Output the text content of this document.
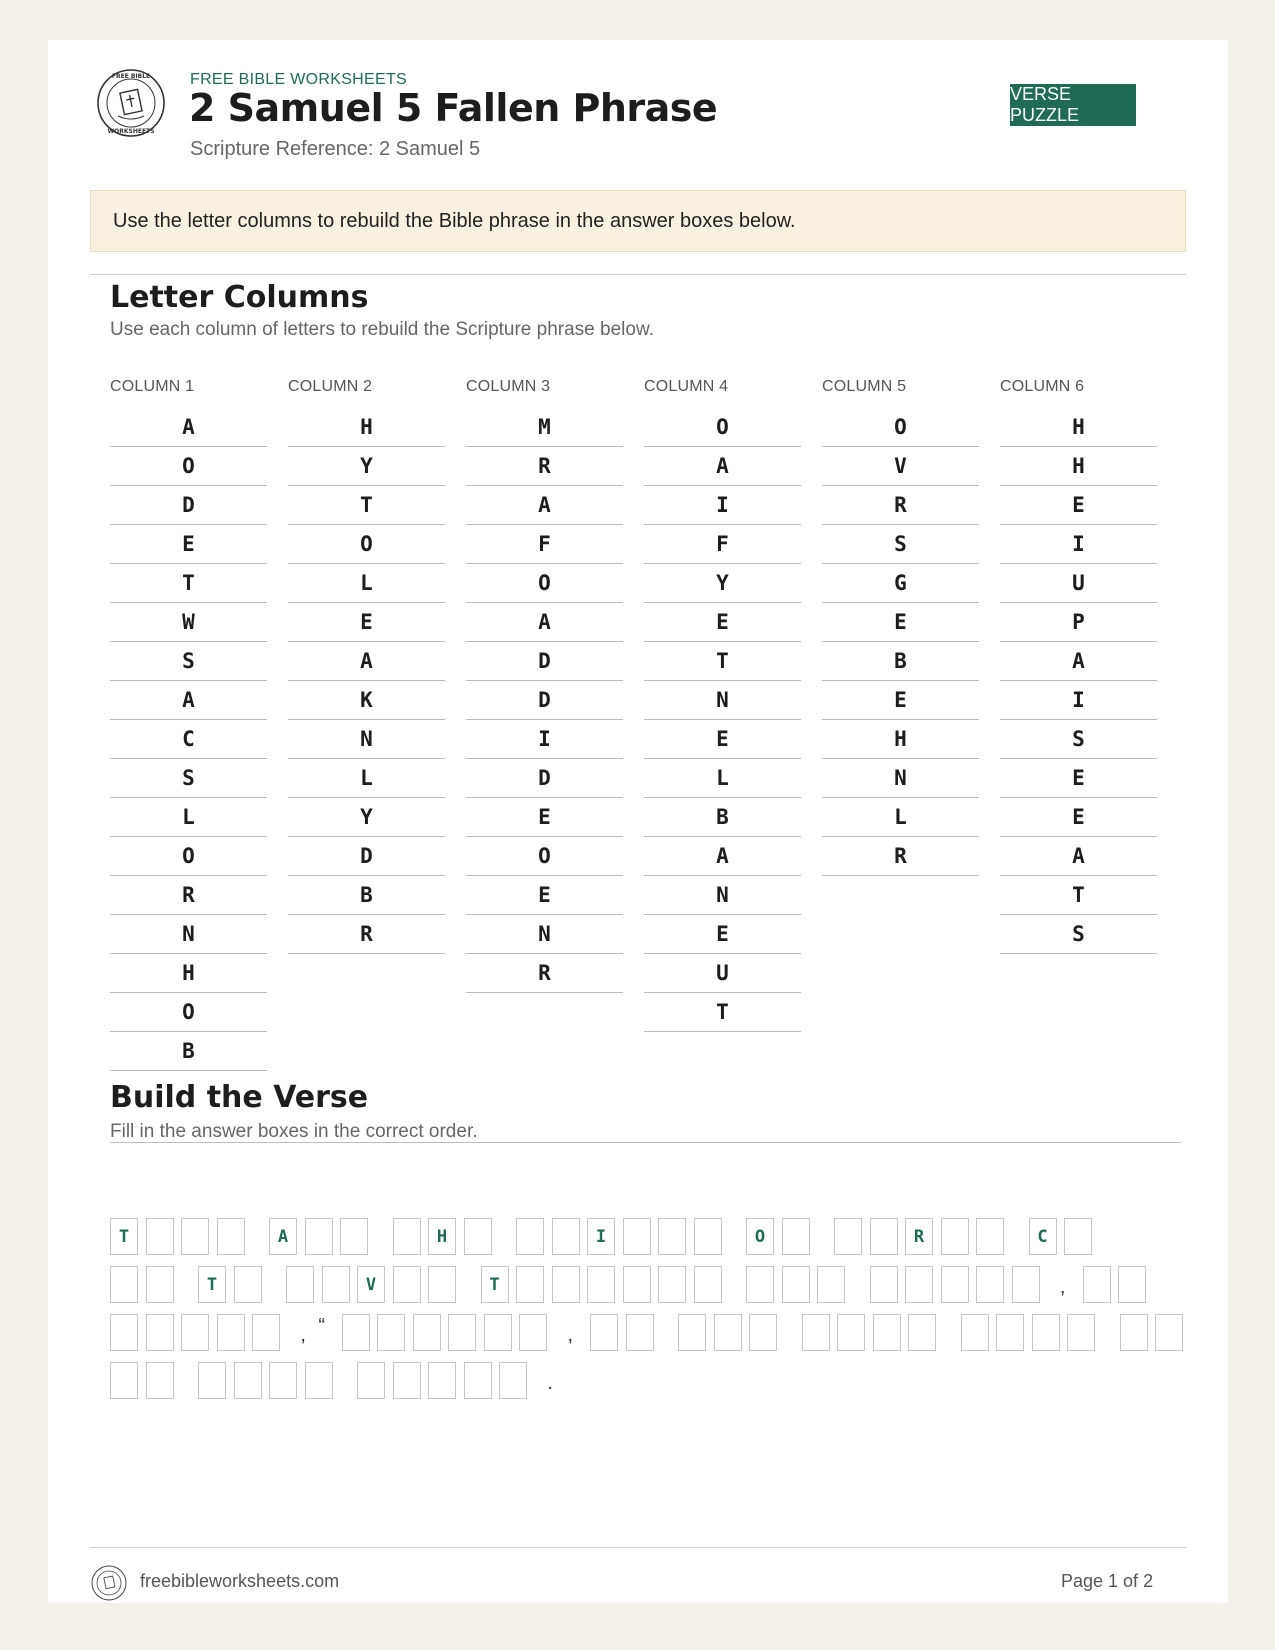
FREE BIBLE
WORKSHEETS
FREE BIBLE WORKSHEETS
2 Samuel 5 Fallen Phrase
Scripture Reference: 2 Samuel 5
VERSE PUZZLE
Use the letter columns to rebuild the Bible phrase in the answer boxes below.
Letter Columns
Use each column of letters to rebuild the Scripture phrase below.
COLUMN 1
A
O
D
E
T
W
S
A
C
S
L
O
R
N
H
O
B
COLUMN 2
H
Y
T
O
L
E
A
K
N
L
Y
D
B
R
COLUMN 3
M
R
A
F
O
A
D
D
I
D
E
O
E
N
R
COLUMN 4
O
A
I
F
Y
E
T
N
E
L
B
A
N
E
U
T
COLUMN 5
O
V
R
S
G
E
B
E
H
N
L
R
COLUMN 6
H
H
E
I
U
P
A
I
S
E
E
A
T
S
Build the Verse
Fill in the answer boxes in the correct order.
T	A	H	I	O	R	C
T	V	T	,
, “	,
.
freebibleworksheets.com	Page 1 of 2
